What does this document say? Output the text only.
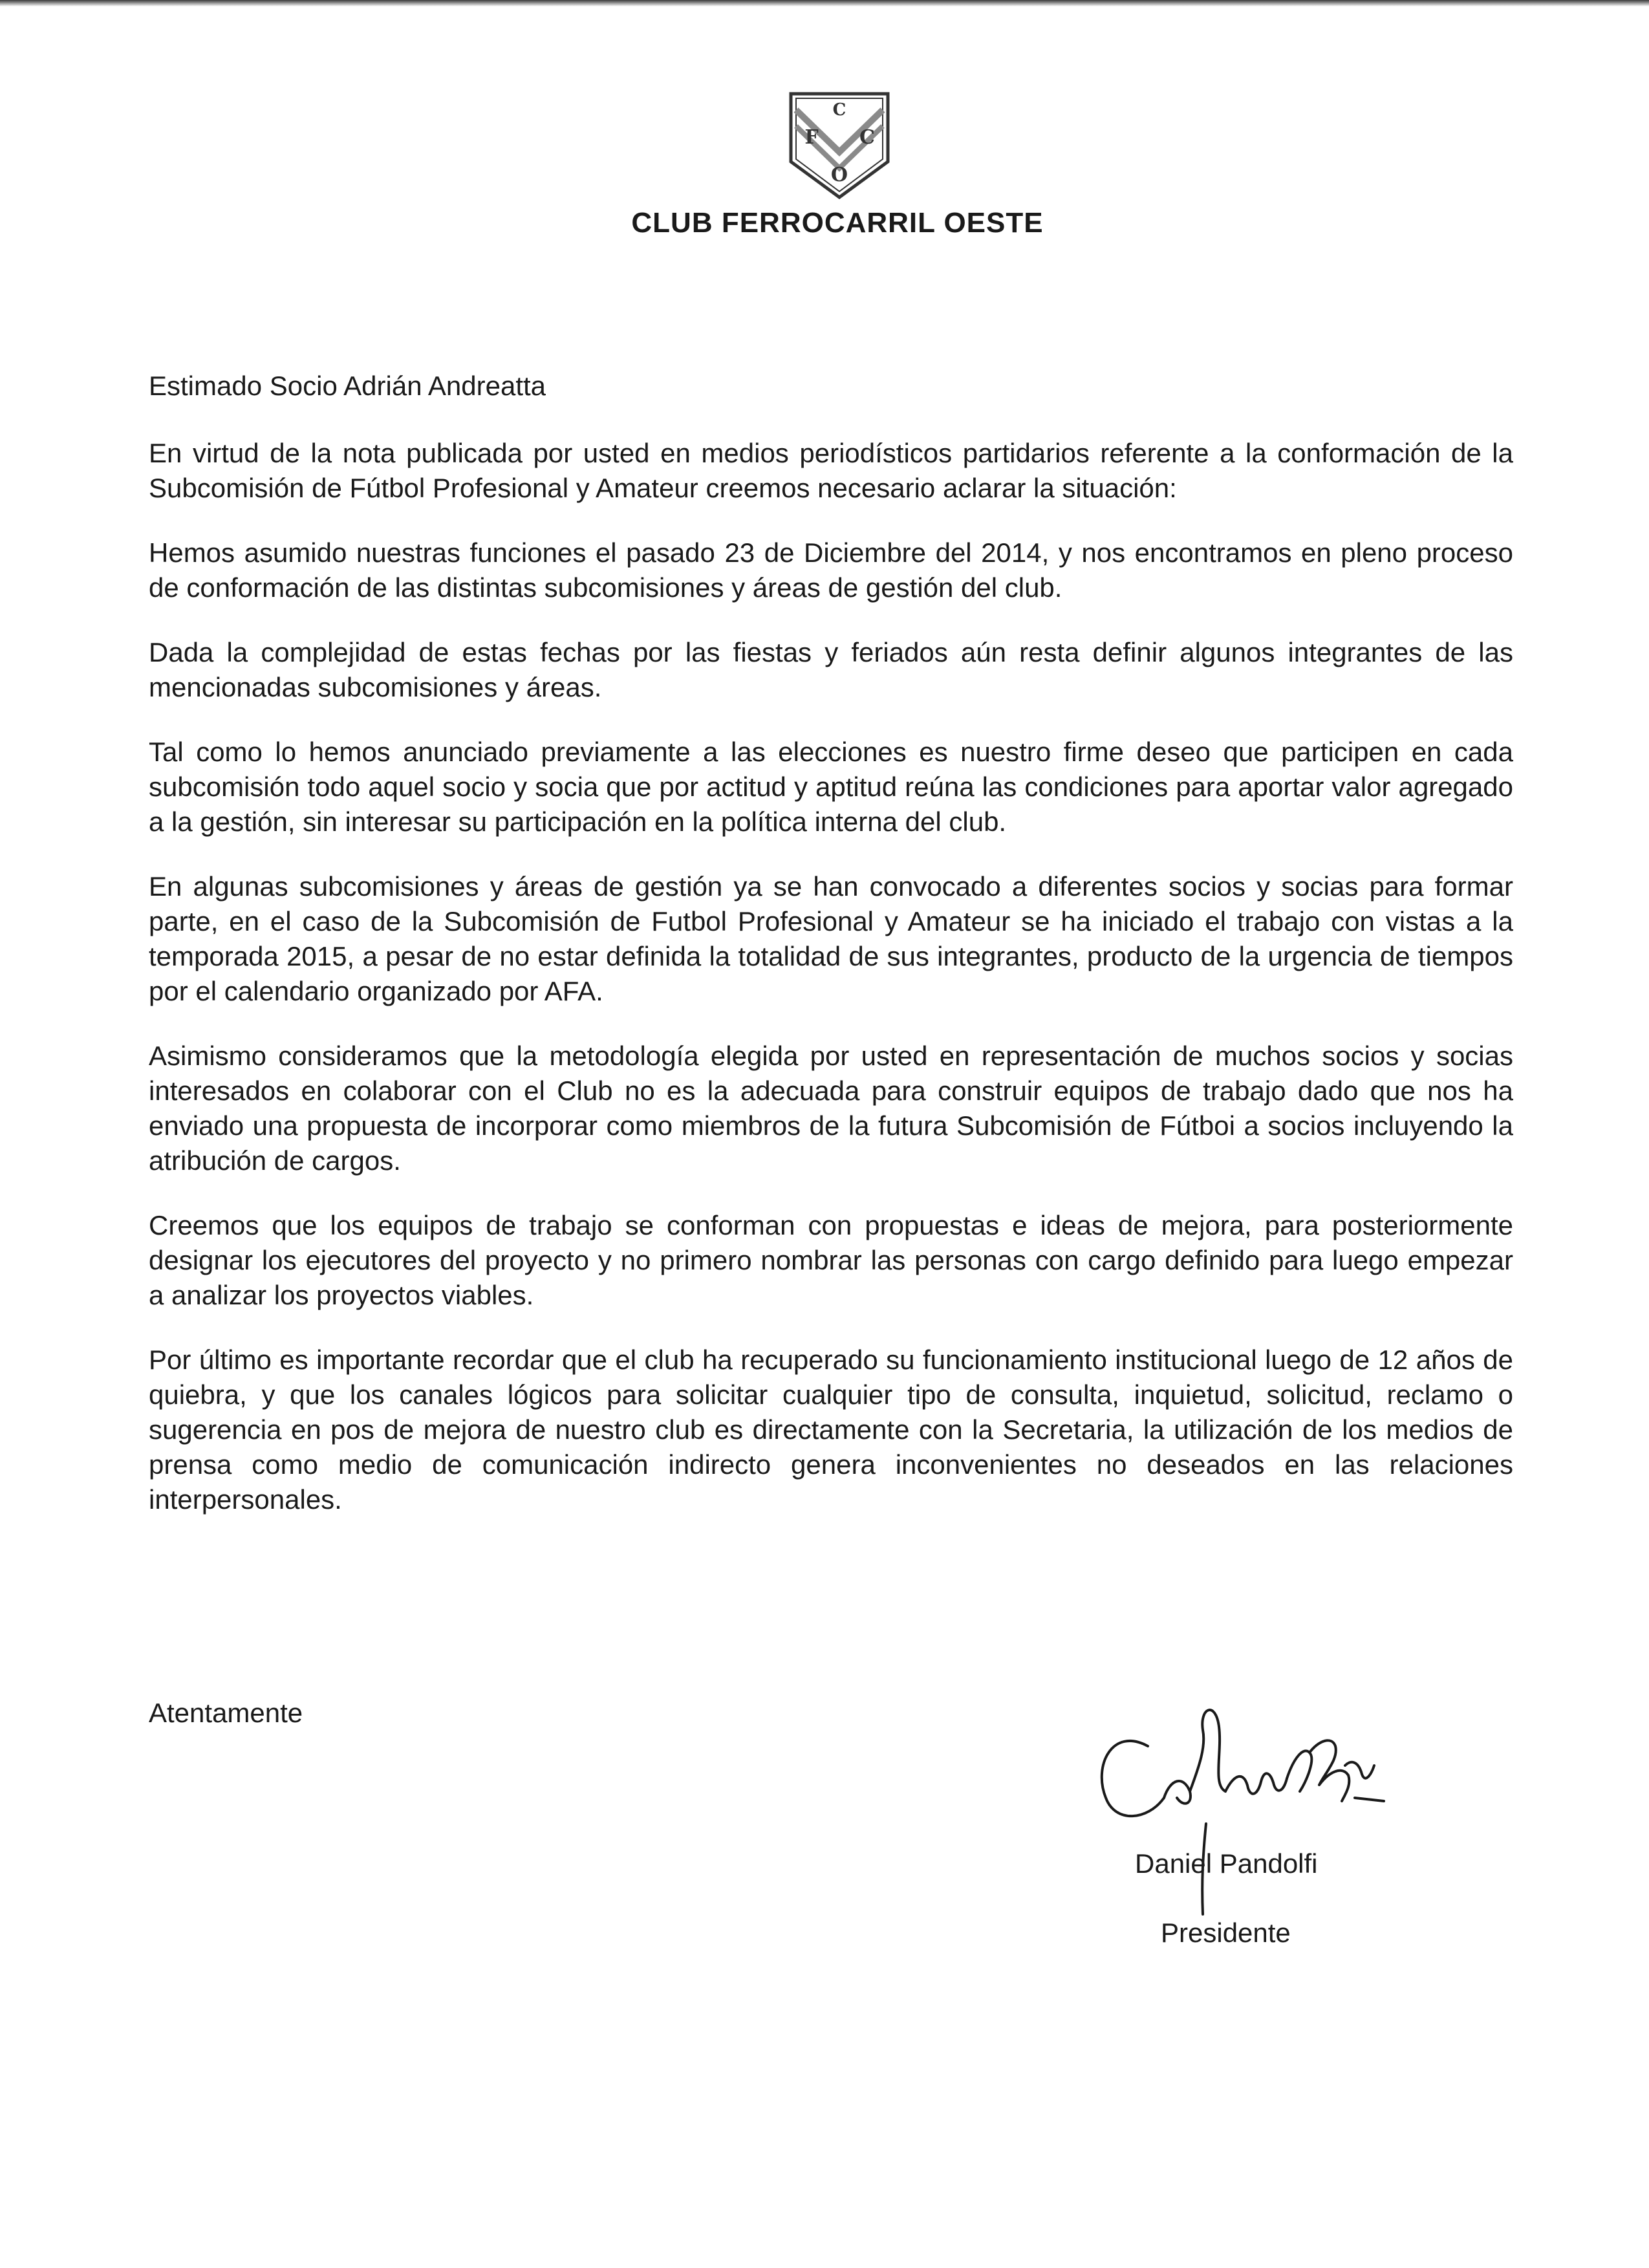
C
F C
O
CLUB FERROCARRIL OESTE

Estimado Socio Adrián Andreatta

En virtud de la nota publicada por usted en medios periodísticos partidarios referente a la conformación de la Subcomisión de Fútbol Profesional y Amateur creemos necesario aclarar la situación:

Hemos asumido nuestras funciones el pasado 23 de Diciembre del 2014, y nos encontramos en pleno proceso de conformación de las distintas subcomisiones y áreas de gestión del club.

Dada la complejidad de estas fechas por las fiestas y feriados aún resta definir algunos integrantes de las mencionadas subcomisiones y áreas.

Tal como lo hemos anunciado previamente a las elecciones es nuestro firme deseo que participen en cada subcomisión todo aquel socio y socia que por actitud y aptitud reúna las condiciones para aportar valor agregado a la gestión, sin interesar su participación en la política interna del club.

En algunas subcomisiones y áreas de gestión ya se han convocado a diferentes socios y socias para formar parte, en el caso de la Subcomisión de Futbol Profesional y Amateur se ha iniciado el trabajo con vistas a la temporada 2015, a pesar de no estar definida la totalidad de sus integrantes, producto de la urgencia de tiempos por el calendario organizado por AFA.

Asimismo consideramos que la metodología elegida por usted en representación de muchos socios y socias interesados en colaborar con el Club no es la adecuada para construir equipos de trabajo dado que nos ha enviado una propuesta de incorporar como miembros de la futura Subcomisión de Fútboi a socios incluyendo la atribución de cargos.

Creemos que los equipos de trabajo se conforman con propuestas e ideas de mejora, para posteriormente designar los ejecutores del proyecto y no primero nombrar las personas con cargo definido para luego empezar a analizar los proyectos viables.

Por último es importante recordar que el club ha recuperado su funcionamiento institucional luego de 12 años de quiebra, y que los canales lógicos para solicitar cualquier tipo de consulta, inquietud, solicitud, reclamo o sugerencia en pos de mejora de nuestro club es directamente con la Secretaria, la utilización de los medios de prensa como medio de comunicación indirecto genera inconvenientes no deseados en las relaciones interpersonales.

Atentamente
Daniel Pandolfi
Presidente
